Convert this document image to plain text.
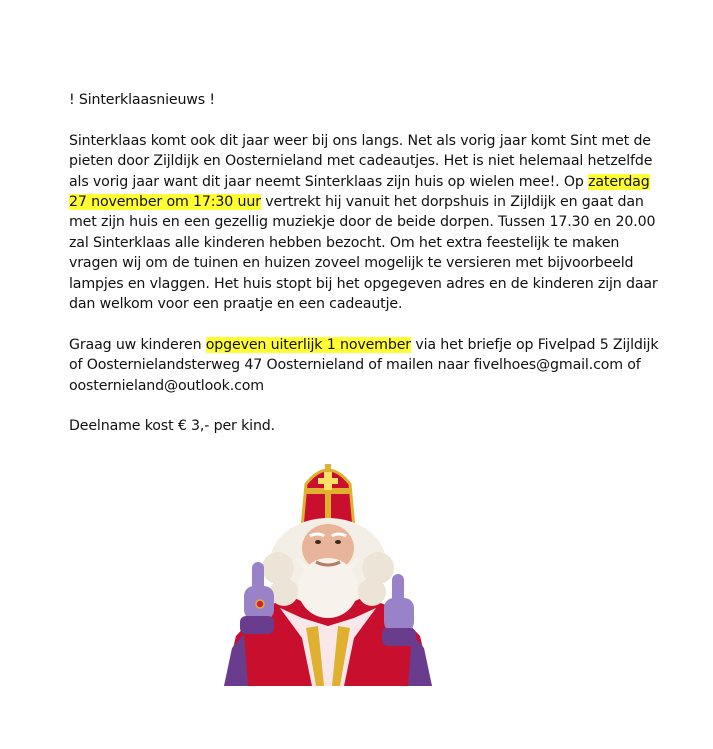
! Sinterklaasnieuws !

Sinterklaas komt ook dit jaar weer bij ons langs. Net als vorig jaar komt Sint met de pieten door Zijldijk en Oosternieland met cadeautjes. Het is niet helemaal hetzelfde als vorig jaar want dit jaar neemt Sinterklaas zijn huis op wielen mee!. Op zaterdag 27 november om 17:30 uur vertrekt hij vanuit het dorpshuis in Zijldijk en gaat dan met zijn huis en een gezellig muziekje door de beide dorpen. Tussen 17.30 en 20.00 zal Sinterklaas alle kinderen hebben bezocht. Om het extra feestelijk te maken vragen wij om de tuinen en huizen zoveel mogelijk te versieren met bijvoorbeeld lampjes en vlaggen. Het huis stopt bij het opgegeven adres en de kinderen zijn daar dan welkom voor een praatje en een cadeautje.

Graag uw kinderen opgeven uiterlijk 1 november via het briefje op Fivelpad 5 Zijldijk of Oosternielandsterweg 47 Oosternieland of mailen naar fivelhoes@gmail.com of oosternieland@outlook.com

Deelname kost € 3,- per kind.
